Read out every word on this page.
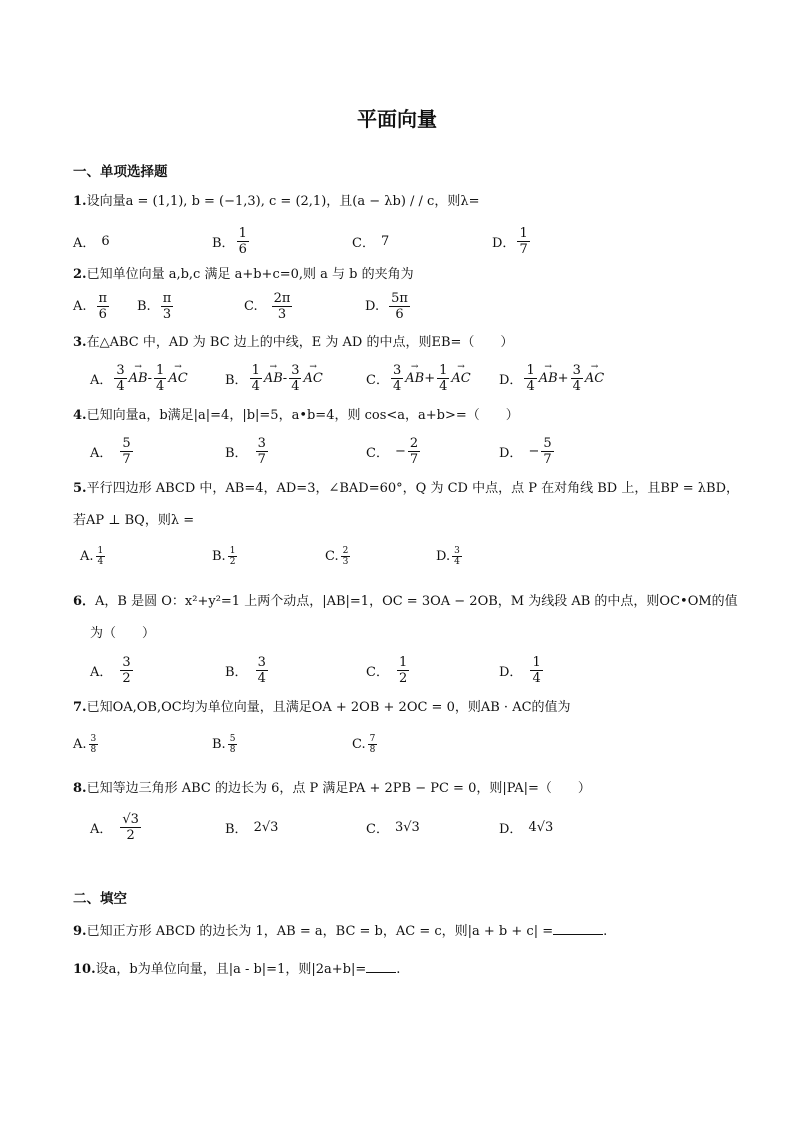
平面向量
一、单项选择题
1.设向量a = (1,1), b = (−1,3), c = (2,1)，且(a − λb) / / c，则λ=
A． 6	B． $\frac{1}{6}$	C． 7	D． $\frac{1}{7}$
2.已知单位向量 a,b,c 满足 a+b+c=0,则 a 与 b 的夹角为
A. $\frac{\pi}{6} B$. $\frac{\pi}{3}$	C. $\frac{2\pi}{3}$	D. $\frac{5\pi}{6}$
3.在△ABC 中，AD 为 BC 边上的中线，E 为 AD 的中点，则EB=（　　）
A． $\frac{3}{4}$ → AB - $\frac{1}{4}$ → AC	B． $\frac{1}{4}$ → AB - $\frac{3}{4}$ → AC	C． $\frac{3}{4}$ → AB + $\frac{1}{4}$ → AC D． $\frac{1}{4}$ → AB + $\frac{3}{4}$ → AC
4.已知向量a，b满足|a|=4，|b|=5，a•b=4，则 cos<a，a+b>=（　　）
A． $\frac{5}{7}$	B． $\frac{3}{7}$	C． − $\frac{2}{7}$	D． − $\frac{5}{7}$
5.平行四边形 ABCD 中，AB=4，AD=3，∠BAD=60°，Q 为 CD 中点，点 P 在对角线 BD 上，且BP = λBD，
若AP ⊥ BQ，则λ =
A. $\frac{1}{4}$	B. $\frac{1}{2}$	C. $\frac{2}{3}$	D. $\frac{3}{4}$
6．A，B 是圆 O：x²+y²=1 上两个动点，|AB|=1，OC = 3OA − 2OB，M 为线段 AB 的中点，则OC•OM的值
为（　　）
A． $\frac{3}{2}$	B． $\frac{3}{4}$	C． $\frac{1}{2}$	D． $\frac{1}{4}$
7.已知OA,OB,OC均为单位向量，且满足OA + 2OB + 2OC = 0，则AB · AC的值为
A. $\frac{3}{8}$	B. $\frac{5}{8}$	C. $\frac{7}{8}$
8.已知等边三角形 ABC 的边长为 6，点 P 满足PA + 2PB − PC = 0，则|PA|=（　　）
A． $\frac{√3}{2}$	B． 2√3	C． 3√3	D． 4√3
二、填空
9.已知正方形 ABCD 的边长为 1，AB = a，BC = b，AC = c，则|a + b + c| =	.
10.设a，b为单位向量，且|a - b|=1，则|2a+b|= .
